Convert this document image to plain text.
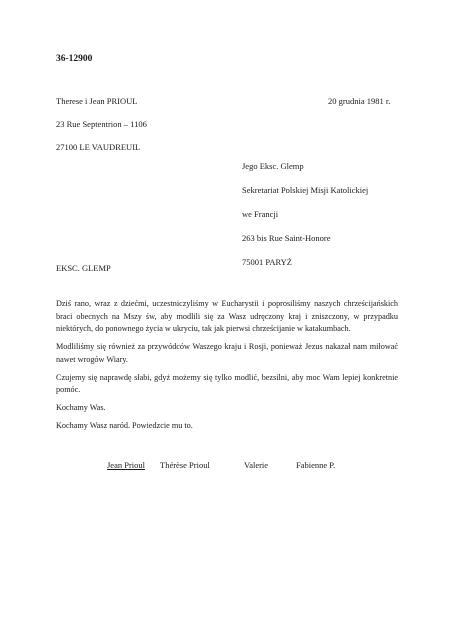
36-12900
Therese i Jean PRIOUL
23 Rue Septentrion – 1106
27100 LE VAUDREUIL
20 grudnia 1981 r.
Jego Eksc. Glemp
Sekretariat Polskiej Misji Katolickiej
we Francji
263 bis Rue Saint-Honore
75001 PARYŻ
EKSC. GLEMP

Dziś rano, wraz z dziećmi, uczestniczyliśmy w Eucharystii i poprosiliśmy naszych chrześcijańskich braci obecnych na Mszy św, aby modlili się za Wasz udręczony kraj i zniszczony, w przypadku niektórych, do ponownego życia w ukryciu, tak jak pierwsi chrześcijanie w katakumbach.

Modliliśmy się również za przywódców Waszego kraju i Rosji, ponieważ Jezus nakazał nam miłować nawet wrogów Wiary.

Czujemy się naprawdę słabi, gdyż możemy się tylko modlić, bezsilni, aby moc Wam lepiej konkretnie pomóc.

Kochamy Was.

Kochamy Wasz naród. Powiedzcie mu to.

Jean Prioul Thérèse Prioul	Valerie	Fabienne P.
